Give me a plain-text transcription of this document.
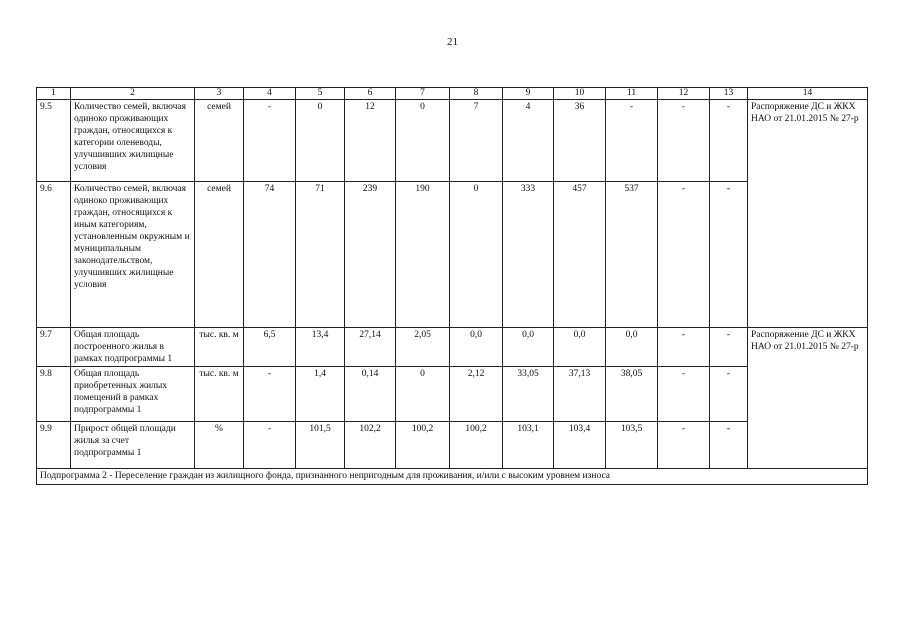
21
1	2	3	4	5	6	7	8	9	10	11	12	13	14
9.5	Количество семей, включая одиноко проживающих граждан, относящихся к категории оленеводы, улучшивших жилищные условия	семей	-	0	12	0	7	4	36	-	-	-	Распоряжение ДС и ЖКХ НАО от 21.01.2015 № 27-р
9.6	Количество семей, включая одиноко проживающих граждан, относящихся к иным категориям, установленным окружным и муниципальным законодательством, улучшивших жилищные условия	семей	74	71	239	190	0	333	457	537	-	-	
9.7	Общая площадь построенного жилья в рамках подпрограммы 1	тыс. кв. м	6,5	13,4	27,14	2,05	0,0	0,0	0,0	0,0	-	-	Распоряжение ДС и ЖКХ НАО от 21.01.2015 № 27-р
9.8	Общая площадь приобретенных жилых помещений в рамках подпрограммы 1	тыс. кв. м	-	1,4	0,14	0	2,12	33,05	37,13	38,05	-	-	
9.9	Прирост общей площади жилья за счет подпрограммы 1	%	-	101,5	102,2	100,2	100,2	103,1	103,4	103,5	-	-	
Подпрограмма 2 - Переселение граждан из жилищного фонда, признанного непригодным для проживания, и/или с высоким уровнем износа													
